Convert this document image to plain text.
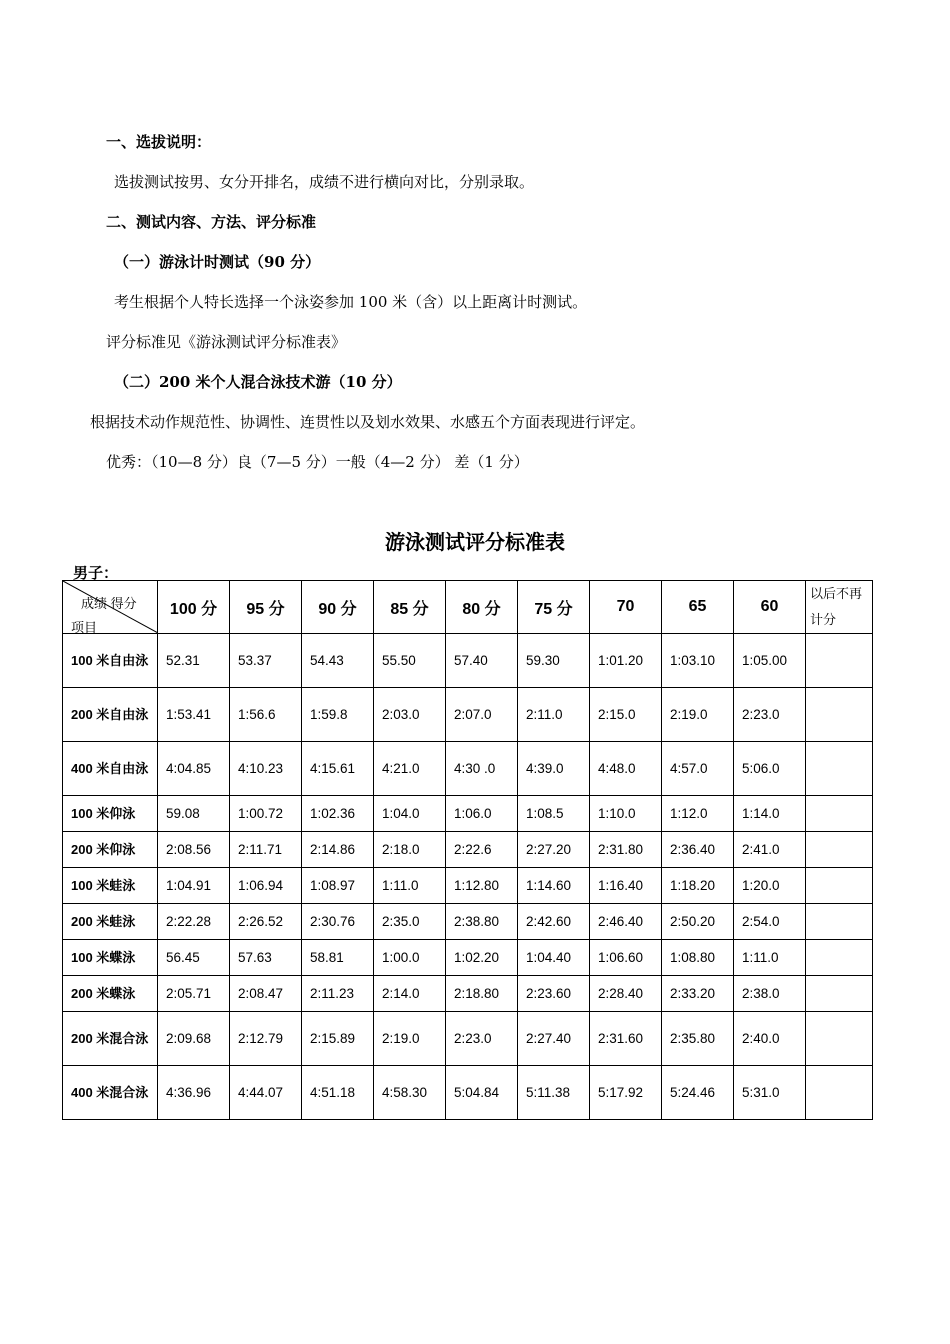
一、选拔说明：
选拔测试按男、女分开排名，成绩不进行横向对比，分别录取。
二、测试内容、方法、评分标准
（一）游泳计时测试（90 分）
考生根据个人特长选择一个泳姿参加 100 米（含）以上距离计时测试。
评分标准见《游泳测试评分标准表》
（二）200 米个人混合泳技术游（10 分）
根据技术动作规范性、协调性、连贯性以及划水效果、水感五个方面表现进行评定。
优秀：（10—8 分）良（7—5 分）一般（4—2 分） 差（1 分）
游泳测试评分标准表
男子：
成绩 得分
项目	100 分	95 分	90 分	85 分	80 分	75 分	70	65	60	以后不再计分
100 米自由泳	52.31	53.37	54.43	55.50	57.40	59.30	1:01.20	1:03.10	1:05.00	
200 米自由泳	1:53.41	1:56.6	1:59.8	2:03.0	2:07.0	2:11.0	2:15.0	2:19.0	2:23.0	
400 米自由泳	4:04.85	4:10.23	4:15.61	4:21.0	4:30 .0	4:39.0	4:48.0	4:57.0	5:06.0	
100 米仰泳	59.08	1:00.72	1:02.36	1:04.0	1:06.0	1:08.5	1:10.0	1:12.0	1:14.0	
200 米仰泳	2:08.56	2:11.71	2:14.86	2:18.0	2:22.6	2:27.20	2:31.80	2:36.40	2:41.0	
100 米蛙泳	1:04.91	1:06.94	1:08.97	1:11.0	1:12.80	1:14.60	1:16.40	1:18.20	1:20.0	
200 米蛙泳	2:22.28	2:26.52	2:30.76	2:35.0	2:38.80	2:42.60	2:46.40	2:50.20	2:54.0	
100 米蝶泳	56.45	57.63	58.81	1:00.0	1:02.20	1:04.40	1:06.60	1:08.80	1:11.0	
200 米蝶泳	2:05.71	2:08.47	2:11.23	2:14.0	2:18.80	2:23.60	2:28.40	2:33.20	2:38.0	
200 米混合泳	2:09.68	2:12.79	2:15.89	2:19.0	2:23.0	2:27.40	2:31.60	2:35.80	2:40.0	
400 米混合泳	4:36.96	4:44.07	4:51.18	4:58.30	5:04.84	5:11.38	5:17.92	5:24.46	5:31.0	
